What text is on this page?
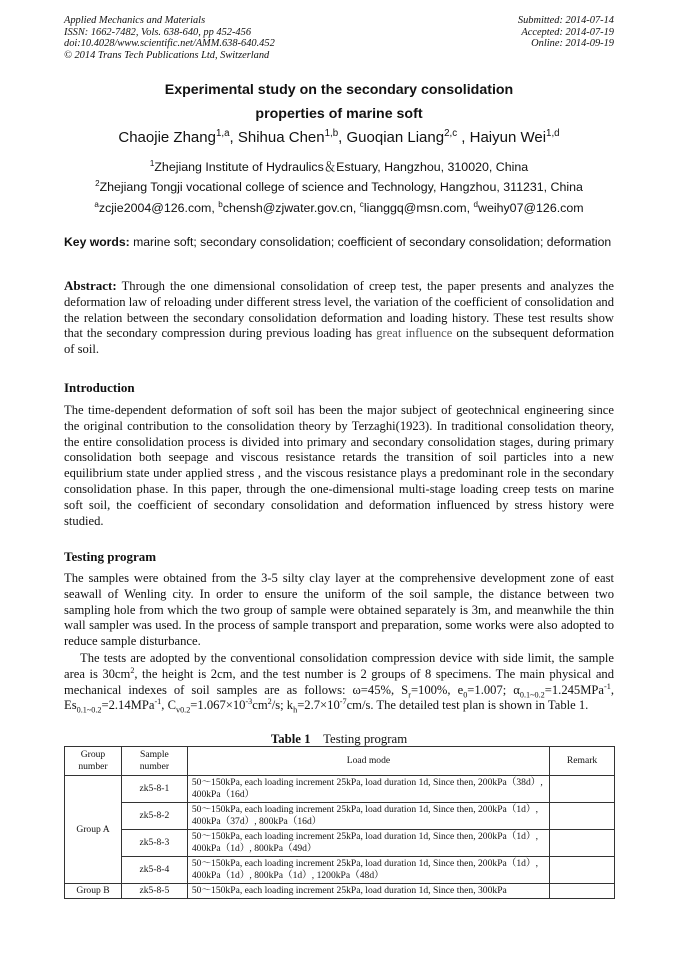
Applied Mechanics and Materials
ISSN: 1662-7482, Vols. 638-640, pp 452-456
doi:10.4028/www.scientific.net/AMM.638-640.452
© 2014 Trans Tech Publications Ltd, Switzerland
Submitted: 2014-07-14
Accepted: 2014-07-19
Online: 2014-09-19
Experimental study on the secondary consolidation
properties of marine soft
Chaojie Zhang$^{1,a}$, Shihua Chen$^{1,b}$, Guoqian Liang$^{2,c}$ , Haiyun Wei$^{1,d}$
$^1$Zhejiang Institute of Hydraulics＆Estuary, Hangzhou, 310020, China
$^2$Zhejiang Tongji vocational college of science and Technology, Hangzhou, 311231, China
$^a$zcjie2004@126.com, $^b$chensh@zjwater.gov.cn, $^c$lianggq@msn.com, $^d$weihy07@126.com
Key words: marine soft; secondary consolidation; coefficient of secondary consolidation; deformation
Abstract: Through the one dimensional consolidation of creep test, the paper presents and analyzes the deformation law of reloading under different stress level, the variation of the coefficient of consolidation and the relation between the secondary consolidation deformation and loading history. These test results show that the secondary compression during previous loading has great influence on the subsequent deformation of soil.
Introduction
The time-dependent deformation of soft soil has been the major subject of geotechnical engineering since the original contribution to the consolidation theory by Terzaghi(1923). In traditional consolidation theory, the entire consolidation process is divided into primary and secondary consolidation stages, during primary consolidation both seepage and viscous resistance retards the transition of soil particles into a new equilibrium state under applied stress , and the viscous resistance plays a predominant role in the secondary consolidation phase. In this paper, through the one-dimensional multi-stage loading creep tests on marine soft soil, the coefficient of secondary consolidation and deformation influenced by stress history were studied.
Testing program
The samples were obtained from the 3-5 silty clay layer at the comprehensive development zone of east seawall of Wenling city. In order to ensure the uniform of the soil sample, the distance between two sampling hole from which the two group of sample were obtained separately is 3m, and meanwhile the thin wall sampler was used. In the process of sample transport and preparation, some works were also adopted to reduce sample disturbance.
The tests are adopted by the conventional consolidation compression device with side limit, the sample area is $30cm^2$, the height is 2cm, and the test number is 2 groups of 8 specimens. The main physical and mechanical indexes of soil samples are as follows: ω=45%, $S_r=100\%$, $e_0=1.007$; $\alpha_{0.1\sim 0.2}=1.245MPa^{-1}$, $Es_{0.1\sim 0.2}=2.14MPa^{-1}$, $C_{v0.2}=1.067\times 10^{-3}cm^2/s$; $k_h=2.7\times 10^{-7}cm/s$. The detailed test plan is shown in Table 1.
Table 1 Testing program
Group number	Sample number	Load mode	Remark
Group A	zk5-8-1	50～150kPa, each loading increment 25kPa, load duration 1d, Since then, 200kPa（38d）, 400kPa（16d）	
	zk5-8-2	50～150kPa, each loading increment 25kPa, load duration 1d, Since then, 200kPa（1d）, 400kPa（37d）, 800kPa（16d）	
	zk5-8-3	50～150kPa, each loading increment 25kPa, load duration 1d, Since then, 200kPa（1d）, 400kPa（1d）, 800kPa（49d）	
	zk5-8-4	50～150kPa, each loading increment 25kPa, load duration 1d, Since then, 200kPa（1d）, 400kPa（1d）, 800kPa（1d）, 1200kPa（48d）	
Group B	zk5-8-5	50～150kPa, each loading increment 25kPa, load duration 1d, Since then, 300kPa	
